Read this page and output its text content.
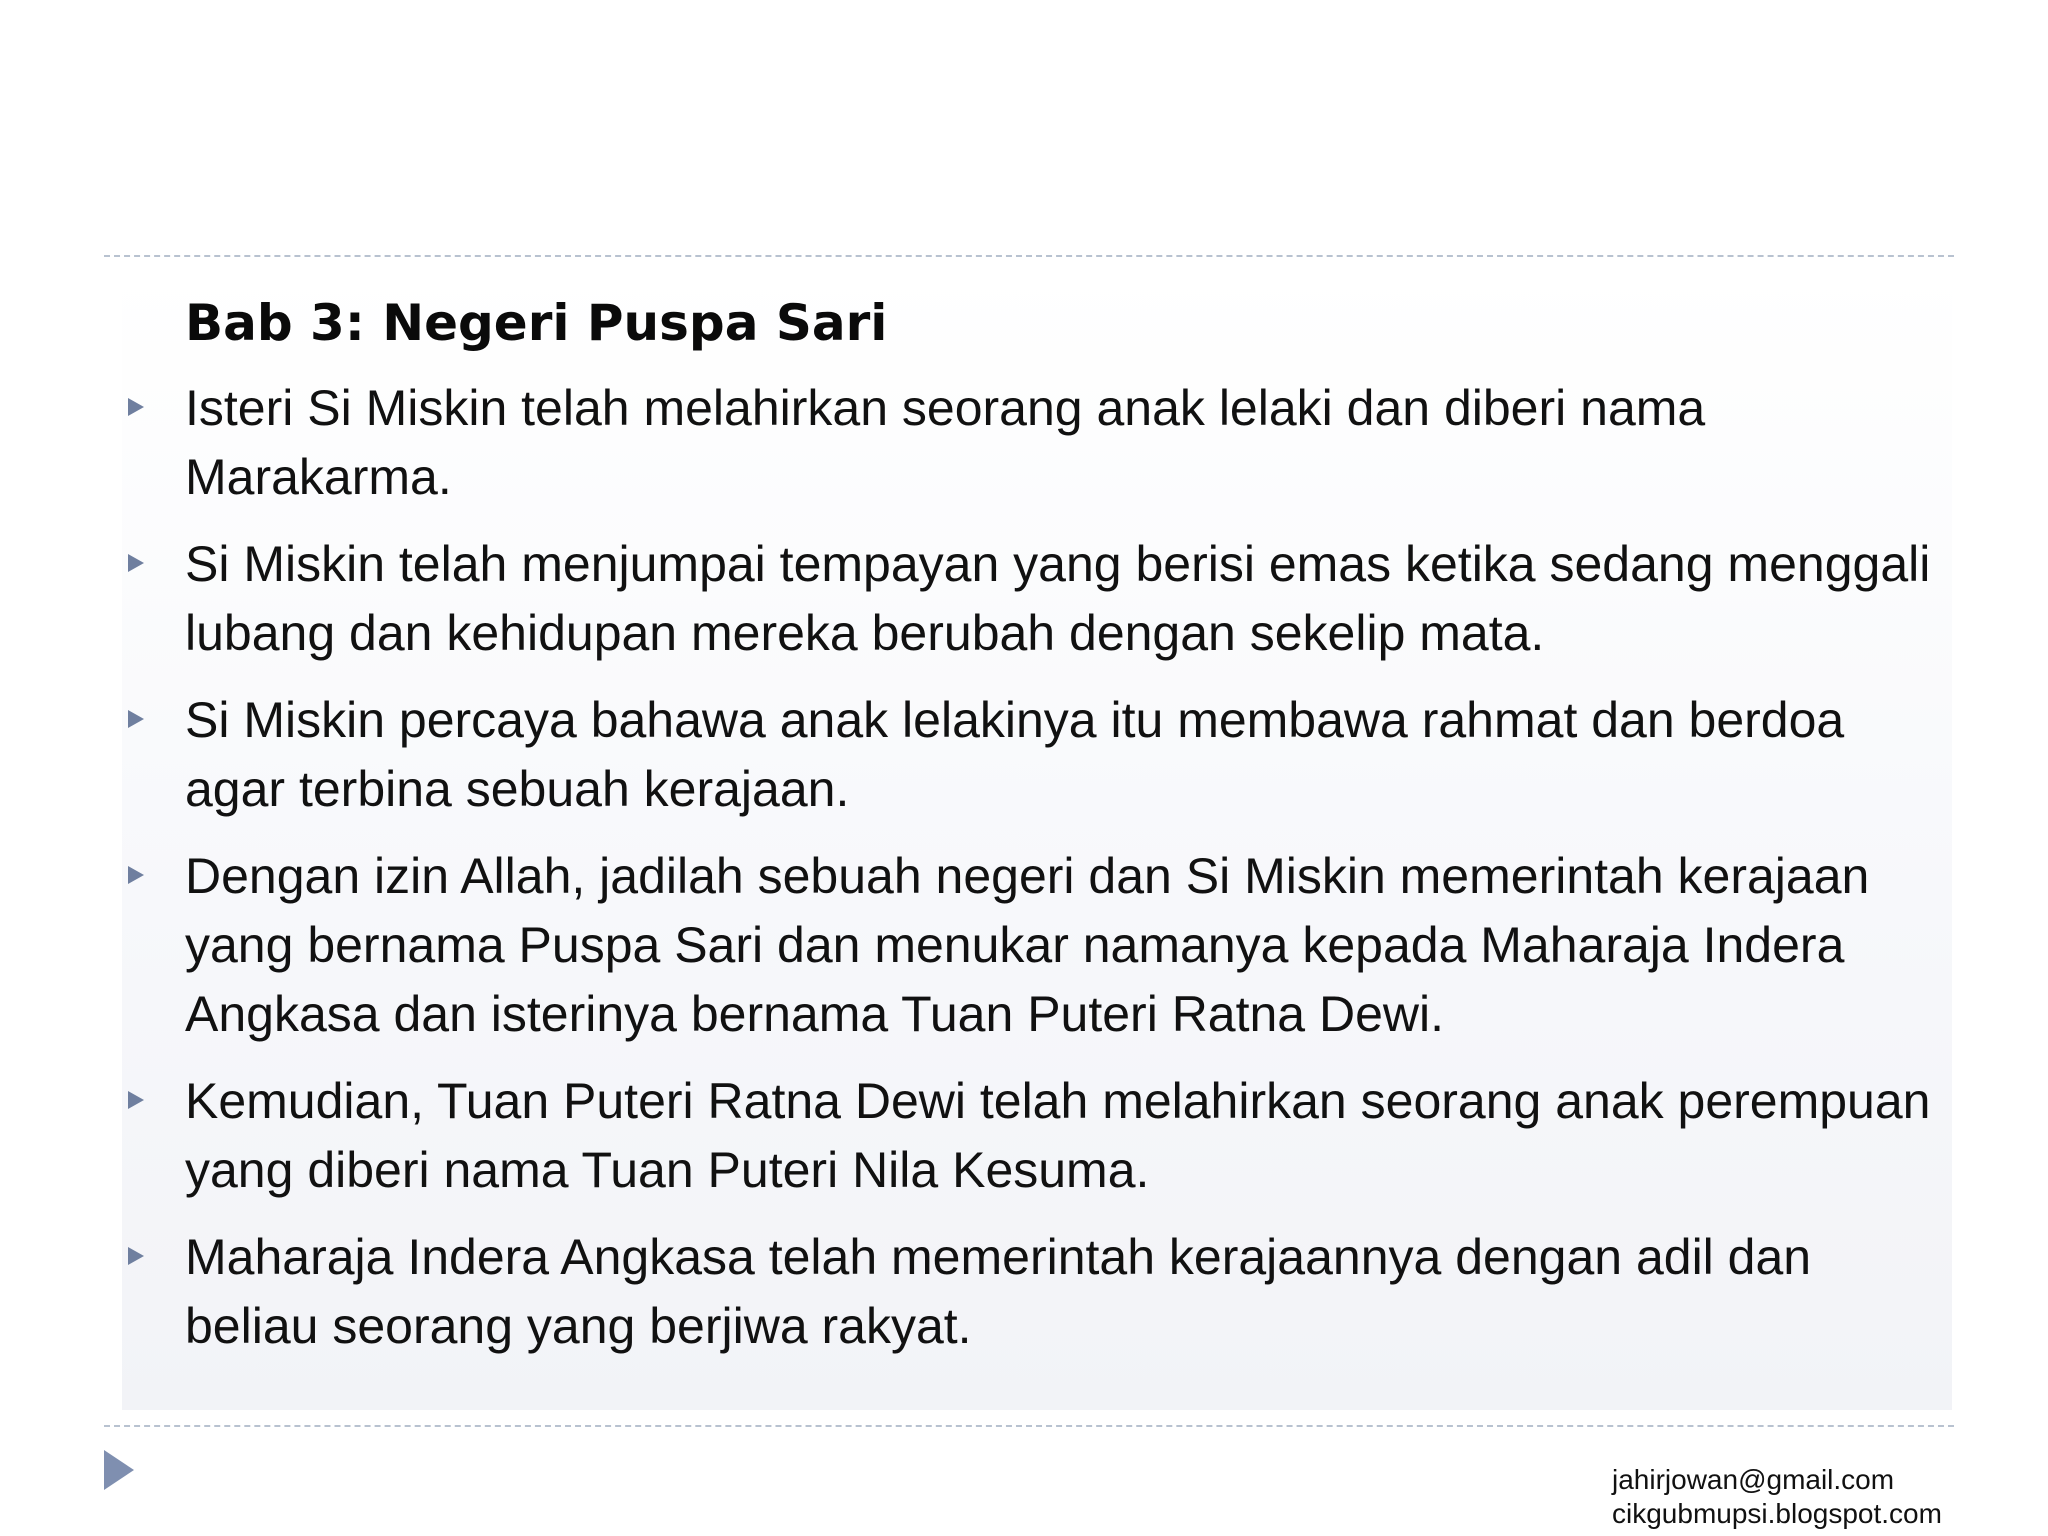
Bab 3: Negeri Puspa Sari
Isteri Si Miskin telah melahirkan seorang anak lelaki dan diberi nama Marakarma.
Si Miskin telah menjumpai tempayan yang berisi emas ketika sedang menggali lubang dan kehidupan mereka berubah dengan sekelip mata.
Si Miskin percaya bahawa anak lelakinya itu membawa rahmat dan berdoa agar terbina sebuah kerajaan.
Dengan izin Allah, jadilah sebuah negeri dan Si Miskin memerintah kerajaan yang bernama Puspa Sari dan menukar namanya kepada Maharaja Indera Angkasa dan isterinya bernama Tuan Puteri Ratna Dewi.
Kemudian, Tuan Puteri Ratna Dewi telah melahirkan seorang anak perempuan yang diberi nama Tuan Puteri Nila Kesuma.
Maharaja Indera Angkasa telah memerintah kerajaannya dengan adil dan beliau seorang yang berjiwa rakyat.
jahirjowan@gmail.com
cikgubmupsi.blogspot.com
